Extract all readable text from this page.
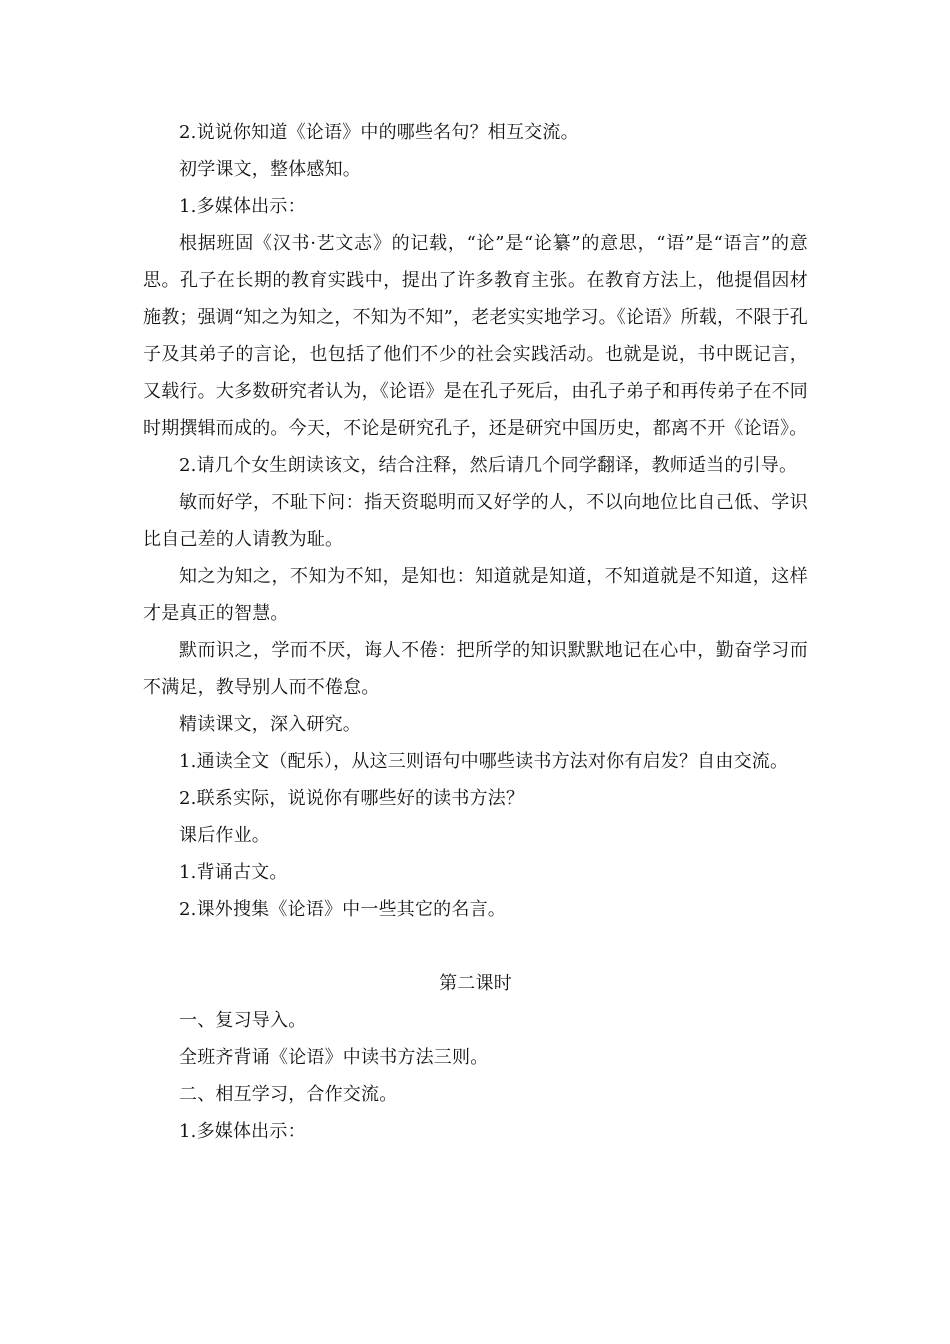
2.说说你知道《论语》中的哪些名句？相互交流。

初学课文，整体感知。

1.多媒体出示：

根据班固《汉书·艺文志》的记载，“论”是“论纂”的意思，“语”是“语言”的意思。孔子在长期的教育实践中，提出了许多教育主张。在教育方法上，他提倡因材施教；强调“知之为知之，不知为不知”，老老实实地学习。《论语》所载，不限于孔子及其弟子的言论，也包括了他们不少的社会实践活动。也就是说，书中既记言，又载行。大多数研究者认为，《论语》是在孔子死后，由孔子弟子和再传弟子在不同时期撰辑而成的。今天，不论是研究孔子，还是研究中国历史，都离不开《论语》。

2.请几个女生朗读该文，结合注释，然后请几个同学翻译，教师适当的引导。

敏而好学，不耻下问：指天资聪明而又好学的人，不以向地位比自己低、学识比自己差的人请教为耻。

知之为知之，不知为不知，是知也：知道就是知道，不知道就是不知道，这样才是真正的智慧。

默而识之，学而不厌，诲人不倦：把所学的知识默默地记在心中，勤奋学习而不满足，教导别人而不倦怠。

精读课文，深入研究。

1.通读全文（配乐），从这三则语句中哪些读书方法对你有启发？自由交流。

2.联系实际，说说你有哪些好的读书方法？

课后作业。

1.背诵古文。

2.课外搜集《论语》中一些其它的名言。

第二课时

一、复习导入。

全班齐背诵《论语》中读书方法三则。

二、相互学习，合作交流。

1.多媒体出示：
